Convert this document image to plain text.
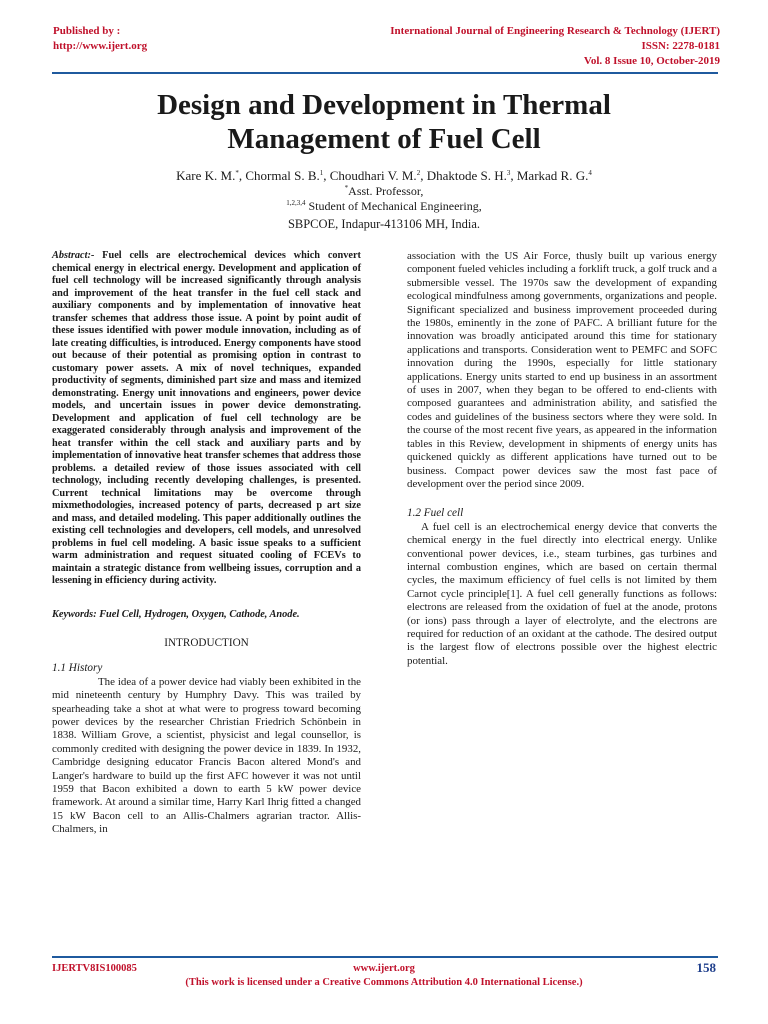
Published by :
http://www.ijert.org
International Journal of Engineering Research & Technology (IJERT)
ISSN: 2278-0181
Vol. 8 Issue 10, October-2019
Design and Development in Thermal
Management of Fuel Cell
Kare K. M.*, Chormal S. B.$^1$, Choudhari V. M.$^2$, Dhaktode S. H.$^3$, Markad R. G.$^4$
*Asst. Professor,
$^{1,2,3,4}$ Student of Mechanical Engineering,
SBPCOE, Indapur-413106 MH, India.

Abstract:- Fuel cells are electrochemical devices which convert chemical energy in electrical energy. Development and application of fuel cell technology will be increased significantly through analysis and improvement of the heat transfer in the fuel cell stack and auxiliary components and by implementation of innovative heat transfer schemes that address those issue. A point by point audit of these issues identified with power module innovation, including as of late creating difficulties, is introduced. Energy components have stood out because of their potential as promising option in contrast to customary power assets. A mix of novel techniques, expanded productivity of segments, diminished part size and mass and itemized demonstrating. Energy unit innovations and engineers, power device models, and uncertain issues in power device demonstrating. Development and application of fuel cell technology are be exaggerated considerably through analysis and improvement of the heat transfer within the cell stack and auxiliary parts and by implementation of innovative heat transfer schemes that address those problems. a detailed review of those issues associated with cell technology, including recently developing challenges, is presented. Current technical limitations may be overcome through mixmethodologies, increased potency of parts, decreased p art size and mass, and detailed modeling. This paper additionally outlines the existing cell technologies and developers, cell models, and unresolved problems in fuel cell modeling. A basic issue speaks to a sufficient warm administration and request situated cooling of FCEVs to maintain a strategic distance from wellbeing issues, corruption and a lessening in efficiency during activity.

Keywords: Fuel Cell, Hydrogen, Oxygen, Cathode, Anode.
INTRODUCTION
1.1 History

The idea of a power device had viably been exhibited in the mid nineteenth century by Humphry Davy. This was trailed by spearheading take a shot at what were to progress toward becoming power devices by the researcher Christian Friedrich Schönbein in 1838. William Grove, a scientist, physicist and legal counsellor, is commonly credited with designing the power device in 1839. In 1932, Cambridge designing educator Francis Bacon altered Mond's and Langer's hardware to build up the first AFC however it was not until 1959 that Bacon exhibited a down to earth 5 kW power device framework. At around a similar time, Harry Karl Ihrig fitted a changed 15 kW Bacon cell to an Allis-Chalmers agrarian tractor. Allis-Chalmers, in

association with the US Air Force, thusly built up various energy component fueled vehicles including a forklift truck, a golf truck and a submersible vessel. The 1970s saw the development of expanding ecological mindfulness among governments, organizations and people. Significant specialized and business improvement proceeded during the 1980s, eminently in the zone of PAFC. A brilliant future for the innovation was broadly anticipated around this time for stationary applications and transports. Consideration went to PEMFC and SOFC innovation during the 1990s, especially for little stationary applications. Energy units started to end up business in an assortment of uses in 2007, when they began to be offered to end-clients with composed guarantees and administration ability, and satisfied the codes and guidelines of the business sectors where they were sold. In the course of the most recent five years, as appeared in the information tables in this Review, development in shipments of energy units has quickened quickly as different applications have turned out to be business. Compact power devices saw the most fast pace of development over the period since 2009.

1.2 Fuel cell

A fuel cell is an electrochemical energy device that converts the chemical energy in the fuel directly into electrical energy. Unlike conventional power devices, i.e., steam turbines, gas turbines and internal combustion engines, which are based on certain thermal cycles, the maximum efficiency of fuel cells is not limited by them Carnot cycle principle[1]. A fuel cell generally functions as follows: electrons are released from the oxidation of fuel at the anode, protons (or ions) pass through a layer of electrolyte, and the electrons are required for reduction of an oxidant at the cathode. The desired output is the largest flow of electrons possible over the highest electric potential.

IJERTV8IS100085	www.ijert.org
(This work is licensed under a Creative Commons Attribution 4.0 International License.)
158
